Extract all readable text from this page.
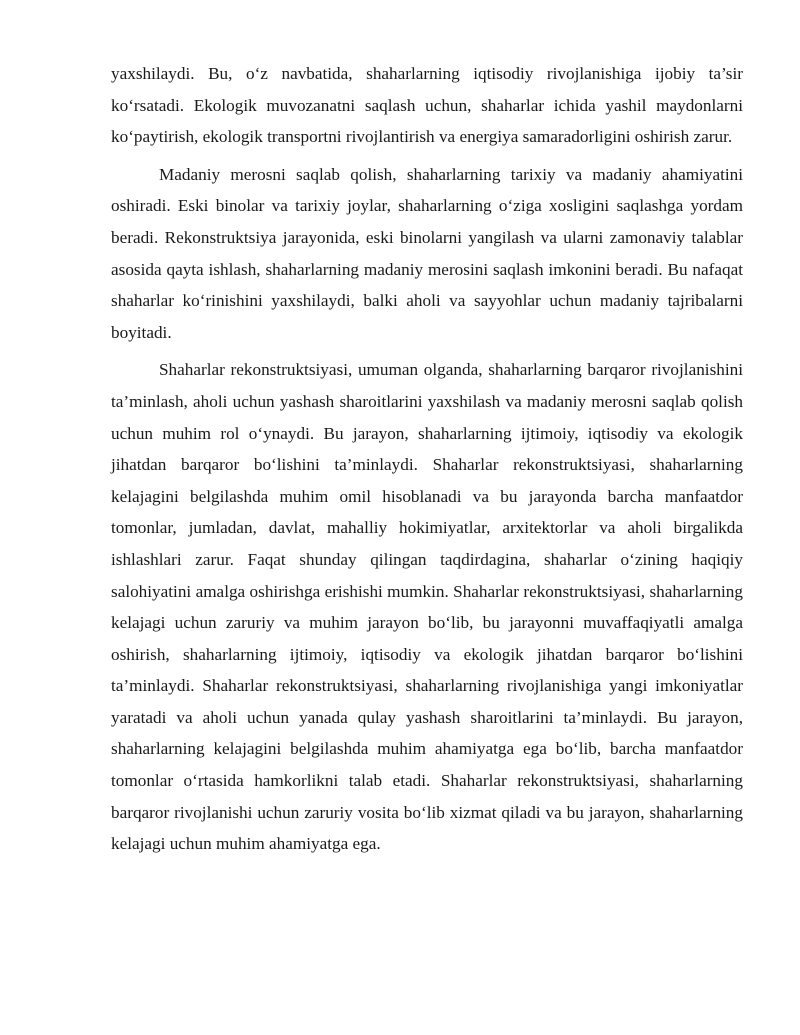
yaxshilaydi. Bu, o‘z navbatida, shaharlarning iqtisodiy rivojlanishiga ijobiy ta’sir ko‘rsatadi. Ekologik muvozanatni saqlash uchun, shaharlar ichida yashil maydonlarni ko‘paytirish, ekologik transportni rivojlantirish va energiya samaradorligini oshirish zarur.

Madaniy merosni saqlab qolish, shaharlarning tarixiy va madaniy ahamiyatini oshiradi. Eski binolar va tarixiy joylar, shaharlarning o‘ziga xosligini saqlashga yordam beradi. Rekonstruktsiya jarayonida, eski binolarni yangilash va ularni zamonaviy talablar asosida qayta ishlash, shaharlarning madaniy merosini saqlash imkonini beradi. Bu nafaqat shaharlar ko‘rinishini yaxshilaydi, balki aholi va sayyohlar uchun madaniy tajribalarni boyitadi.

Shaharlar rekonstruktsiyasi, umuman olganda, shaharlarning barqaror rivojlanishini ta’minlash, aholi uchun yashash sharoitlarini yaxshilash va madaniy merosni saqlab qolish uchun muhim rol o‘ynaydi. Bu jarayon, shaharlarning ijtimoiy, iqtisodiy va ekologik jihatdan barqaror bo‘lishini ta’minlaydi. Shaharlar rekonstruktsiyasi, shaharlarning kelajagini belgilashda muhim omil hisoblanadi va bu jarayonda barcha manfaatdor tomonlar, jumladan, davlat, mahalliy hokimiyatlar, arxitektorlar va aholi birgalikda ishlashlari zarur. Faqat shunday qilingan taqdirdagina, shaharlar o‘zining haqiqiy salohiyatini amalga oshirishga erishishi mumkin. Shaharlar rekonstruktsiyasi, shaharlarning kelajagi uchun zaruriy va muhim jarayon bo‘lib, bu jarayonni muvaffaqiyatli amalga oshirish, shaharlarning ijtimoiy, iqtisodiy va ekologik jihatdan barqaror bo‘lishini ta’minlaydi. Shaharlar rekonstruktsiyasi, shaharlarning rivojlanishiga yangi imkoniyatlar yaratadi va aholi uchun yanada qulay yashash sharoitlarini ta’minlaydi. Bu jarayon, shaharlarning kelajagini belgilashda muhim ahamiyatga ega bo‘lib, barcha manfaatdor tomonlar o‘rtasida hamkorlikni talab etadi. Shaharlar rekonstruktsiyasi, shaharlarning barqaror rivojlanishi uchun zaruriy vosita bo‘lib xizmat qiladi va bu jarayon, shaharlarning kelajagi uchun muhim ahamiyatga ega.
